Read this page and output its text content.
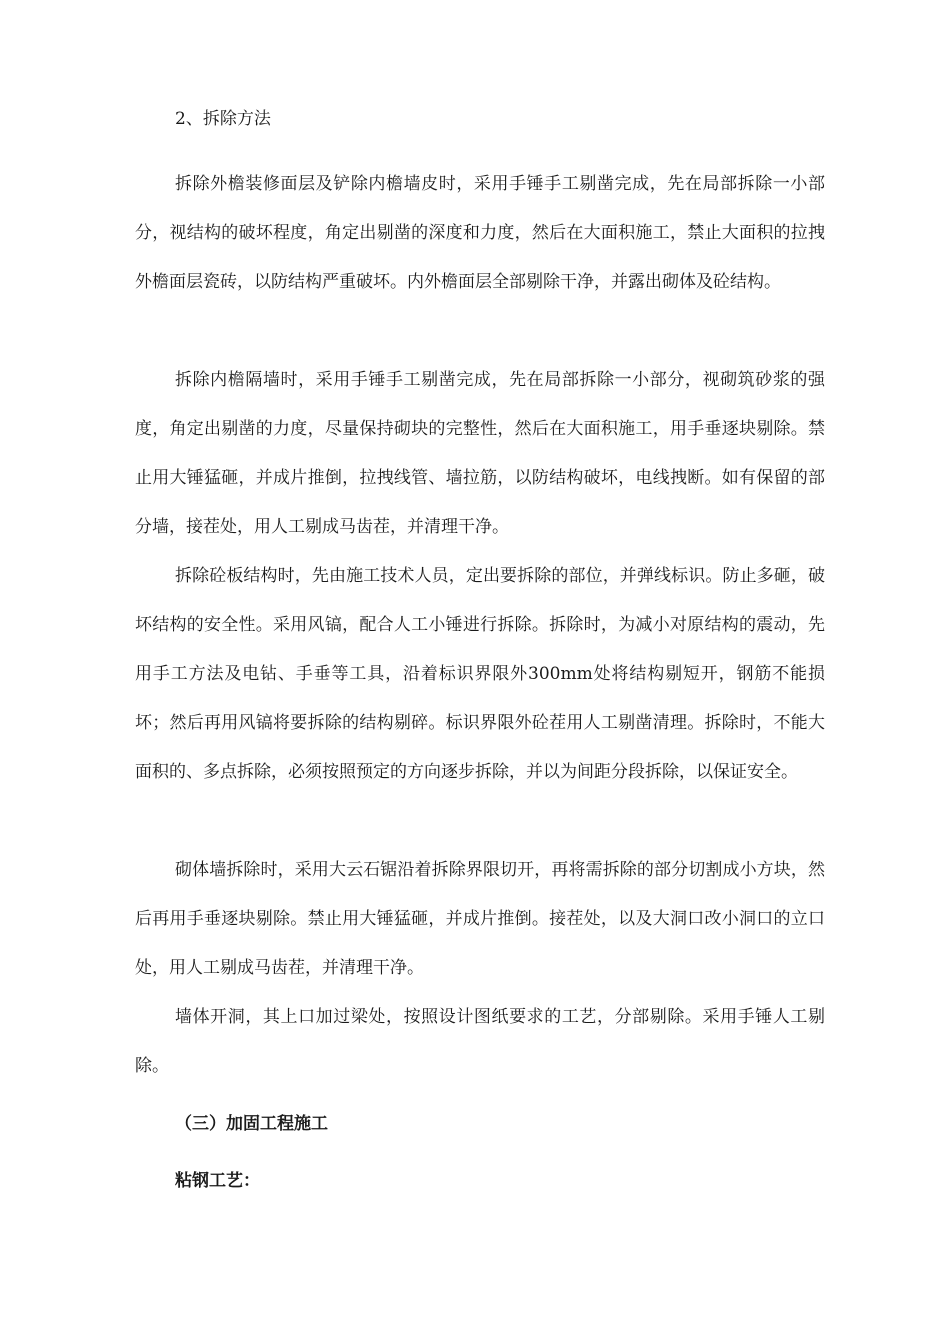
2、拆除方法

拆除外檐装修面层及铲除内檐墙皮时，采用手锤手工剔凿完成，先在局部拆除一小部分，视结构的破坏程度，角定出剔凿的深度和力度，然后在大面积施工，禁止大面积的拉拽外檐面层瓷砖，以防结构严重破坏。内外檐面层全部剔除干净，并露出砌体及砼结构。

拆除内檐隔墙时，采用手锤手工剔凿完成，先在局部拆除一小部分，视砌筑砂浆的强度，角定出剔凿的力度，尽量保持砌块的完整性，然后在大面积施工，用手垂逐块剔除。禁止用大锤猛砸，并成片推倒，拉拽线管、墙拉筋，以防结构破坏，电线拽断。如有保留的部分墙，接茬处，用人工剔成马齿茬，并清理干净。

拆除砼板结构时，先由施工技术人员，定出要拆除的部位，并弹线标识。防止多砸，破坏结构的安全性。采用风镐，配合人工小锤进行拆除。拆除时，为减小对原结构的震动，先用手工方法及电钻、手垂等工具，沿着标识界限外300mm处将结构剔短开，钢筋不能损坏；然后再用风镐将要拆除的结构剔碎。标识界限外砼茬用人工剔凿清理。拆除时，不能大面积的、多点拆除，必须按照预定的方向逐步拆除，并以为间距分段拆除，以保证安全。

砌体墙拆除时，采用大云石锯沿着拆除界限切开，再将需拆除的部分切割成小方块，然后再用手垂逐块剔除。禁止用大锤猛砸，并成片推倒。接茬处，以及大洞口改小洞口的立口处，用人工剔成马齿茬，并清理干净。

墙体开洞，其上口加过梁处，按照设计图纸要求的工艺，分部剔除。采用手锤人工剔除。

（三）加固工程施工
粘钢工艺：
